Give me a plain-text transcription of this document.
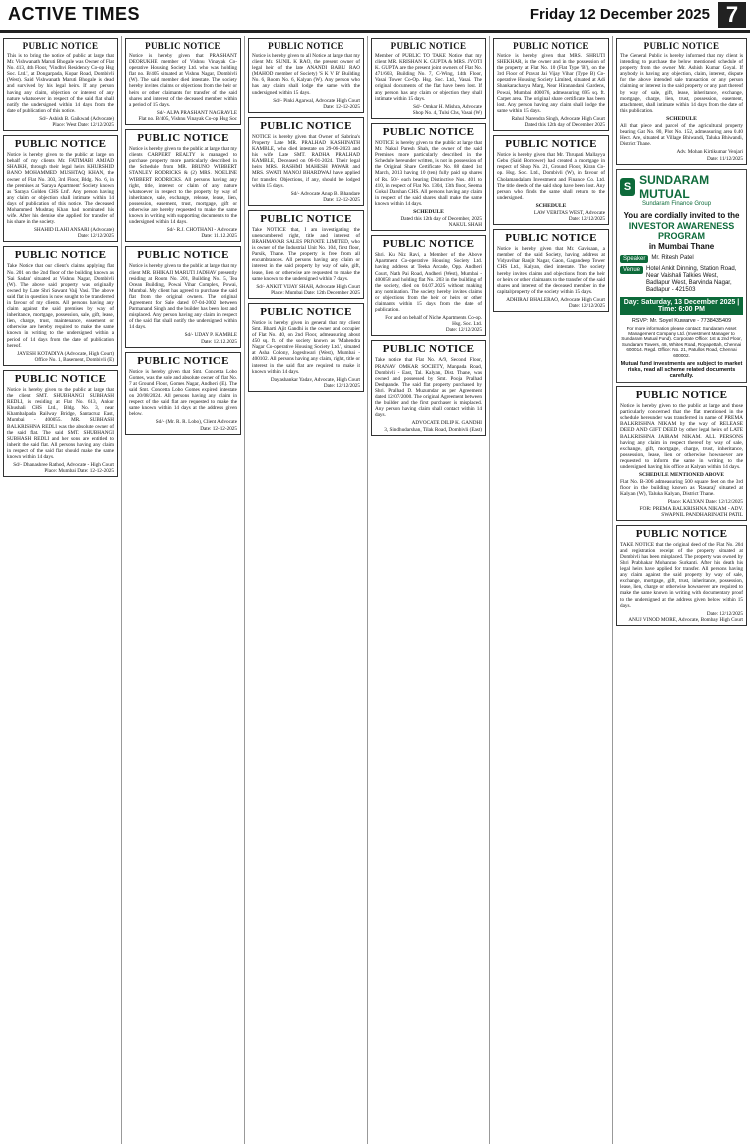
ACTIVE TIMES	Friday 12 December 2025 7
PUBLIC NOTICE

This is to bring the notice of public at large that Mr. Vishwanath Maruti Bhogale was Owner of Flat No. 413, 4th Floor, 'Vindhvi Residency Co-op Hsg Soc. Ltd.', at Dongarpada, Kopar Road, Dombivli (West). Said Vishwanath Maruti Bhogale is dead and survived by his legal heirs. If any person having any claim, objection or interest of any nature whatsoever in respect of the said flat shall notify the undersigned within 14 days from the date of publication of this notice.

Sd/- Ashish B. Gaikwad (Advocate)

Place: West Date: 12/12/2025

PUBLIC NOTICE

Notice is hereby given to the public at large on behalf of my clients Mr. FATIMABI AMJAD SHAIKH, through their legal heirs KHURSHID BANO MOHAMMED MUSHTAQ KHAN, the owner of Flat No. 303, 3rd Floor, Bldg. No. 6, in the premises at 'Saraya Apartment' Society known as 'Saraya Golden CHS Ltd'. Any person having any claim or objection shall intimate within 14 days of publication of this notice. The deceased Mohammed Mushtaq Khan had nominated his wife. After his demise she applied for transfer of his share in the society.

SHAHID ILAHI ANSARI (Advocate)

Date: 12/12/2025

PUBLIC NOTICE

Take Notice that our client's claims applying flat No. 201 on the 2nd floor of the building known as 'Sai Sadan' situated at Vishnu Nagar, Dombivli (W). The above said property was originally owned by Late Shri Sawant Vaij Vasi. The above said flat in question is now sought to be transferred in favour of my clients. All persons having any claim against the said premises by way of inheritance, mortgage, possession, sale, gift, lease, lien, charge, trust, maintenance, easement or otherwise are hereby required to make the same known in writing to the undersigned within a period of 14 days from the date of publication hereof.

JAYESH KOTADIYA (Advocate, High Court)

Office No. 1, Basement, Dombivli (E)

PUBLIC NOTICE

Notice is hereby given to the public at large that the client SMT. SHUBHANGI SUBHASH REDLI, is residing at Flat No. 613, Ankur Khushali CHS Ltd., Bldg. No. 3, near Khambalpada Railway Bridge, Santacruz East, Mumbai - 400055. MR. SUBHASH BALKRISHNA REDLI was the absolute owner of the said flat. The said SMT. SHUBHANGI SUBHASH REDLI and her sons are entitled to inherit the said flat. All persons having any claim in respect of the said flat should make the same known within 14 days.

Sd/- Dhanashree Rathod, Advocate - High Court

Place: Mumbai Date: 12-12-2025

PUBLIC NOTICE

Notice is hereby given that PRASHANT DEORUKHE member of Vishnu Vinayak Co-operative Housing Society Ltd. who was holding flat no. B/405 situated at Vishnu Nagar, Dombivli (W). The said member died intestate. The society hereby invites claims or objections from the heir or heirs or other claimants for transfer of the said shares and interest of the deceased member within a period of 15 days.

Sd/- ALPA PRASHANT NAGRAVLE

Flat no. B/405, Vishnu Vinayak Co-op Hsg Soc

PUBLIC NOTICE

Notice is hereby given to the public at large that my clients CARPERT REALTY is managed to purchase property more particularly described in the Schedule from MR. BRUNO WIBBERT STANLEY RODRICKS & (2) MRS. NOELINE WIBBERT RODRICKS. All persons having any right, title, interest or claim of any nature whatsoever in respect to the property by way of inheritance, sale, exchange, release, lease, lien, possession, easement, trust, mortgage, gift or otherwise are hereby requested to make the same known in writing with supporting documents to the undersigned within 14 days.

Sd/- R.J. CHOTHANI - Advocate

Date: 11.12.2025

PUBLIC NOTICE

Notice is hereby given to the public at large that my client MR. BHIKAJI MARUTI JADHAV presently residing at Room No. 201, Building No. 5, Tea Ocean Building, Powai Vihar Complex, Powai, Mumbai. My client has agreed to purchase the said flat from the original owners. The original Agreement for Sale dated 07-04-2002 between Parmanand Singh and the builder has been lost and misplaced. Any person having any claim in respect of the said flat shall notify the undersigned within 14 days.

Sd/- UDAY P. KAMBLE

Date: 12.12.2025

PUBLIC NOTICE

Notice is hereby given that Smt. Concetta Lobo Gomes, was the sole and absolute owner of flat No. 7 at Ground Floor, Gomes Nagar, Andheri (E). The said Smt. Concetta Lobo Gomes expired intestate on 20/08/2024. All persons having any claim in respect of the said flat are requested to make the same known within 14 days at the address given below.

Sd/- (Mr. R. R. Lobo), Client Advocate

Date: 12-12-2025

PUBLIC NOTICE

Notice is hereby given to all Notice at large that my client Mr. SUNIL K RAO, the present owner of legal heir of the late ANANDI BABU RAO (MAHOD member of Society) 'S K V B' Building No. 6, Room No. 6, Kalyan (W). Any person who has any claim shall lodge the same with the undersigned within 15 days.

Sd/- Pinki Agarwal, Advocate High Court

Date: 12-12-2025

PUBLIC NOTICE

NOTICE is hereby given that Owner of Sabrina's Property Late MR. PRALHAD KASHINATH KAMBLE, who died intestate on 29-06-2023 and his wife Late SMT. RADHA PRALHAD KAMBLE, Deceased on 06-01-2024. Their legal heirs MRS. RASHMI MAHESH PAWAR and MRS. SWATI MANOJ BHARDWAJ have applied for transfer. Objections, if any, should be lodged within 15 days.

Sd/- Advocate Anup B. Bhandare

Date: 12-12-2025

PUBLIC NOTICE

Take NOTICE that, I am investigating the unencumbered right, title and interest of BRAHMAVAR SALES PRIVATE LIMITED, who is owner of the Industrial Unit No. 104, first floor, Parsik, Thane. The property is free from all encumbrances. All persons having any claim or interest in the said property by way of sale, gift, lease, lien or otherwise are requested to make the same known to the undersigned within 7 days.

Sd/- ANKIT VIJAY SHAH, Advocate High Court

Place: Mumbai Date: 12th December 2025

PUBLIC NOTICE

Notice is hereby given in general that my client Smt. Bharti Ajit Gandhi is the owner and occupier of Flat No. 40, on 2nd Floor, admeasuring about 450 sq. ft. of the society known as 'Mahendra Nagar Co-operative Housing Society Ltd.', situated at Asha Colony, Jogeshwari (West), Mumbai - 400102. All persons having any claim, right, title or interest in the said flat are required to make it known within 14 days.

Dayashankar Yadav, Advocate, High Court

Date: 12/12/2025

PUBLIC NOTICE

Member of PUBLIC TO TAKE Notice that my client MR. KRISHAN K. GUPTA & MRS. JYOTI K. GUPTA are the present joint owners of Flat No. 471/603, Building No. 7, C-Wing, 14th Floor, Vasai Tower Co-Op. Hsg. Soc. Ltd., Vasai. The original documents of the flat have been lost. If any person has any claim or objection they shall intimate within 15 days.

Sd/- Omkar H. Mishra, Advocate

Shop No. 4, Tulsi Chs, Vasai (W)

PUBLIC NOTICE

NOTICE is hereby given to the public at large that Mr. Nakul Paresh Shah, the owner of the said Premises more particularly described in the Schedule hereunder written, is not in possession of the Original Share Certificate No. 88 dated 1st March, 2013 having 10 (ten) fully paid up shares of Rs. 50/- each bearing Distinctive Nos. 401 to 410, in respect of Flat No. 1304, 13th floor, Seema Gokul Darshan CHS. All persons having any claim in respect of the said shares shall make the same known within 14 days.

SCHEDULE

Dated this 12th day of December, 2025

NAKUL SHAH

PUBLIC NOTICE

Shri. Ku Niz Ravi, a Member of the Above Apartment Co-operative Housing Society Ltd. having address at Teeka Arcade, Opp. Andheri Court, Nath Pai Road, Andheri (West), Mumbai - 400058 and holding flat No. 203 in the building of the society, died on 04.07.2025 without making any nomination. The society hereby invites claims or objections from the heir or heirs or other claimants within 15 days from the date of publication.

For and on behalf of Niche Apartments Co-op. Hsg. Soc. Ltd.

Date: 12/12/2025

PUBLIC NOTICE

Take notice that Flat No. A/9, Second Floor, PRANAV OMKAR SOCIETY, Manpada Road, Dombivli - East, Tal. Kalyan, Dist. Thane, was owned and possessed by Smt. Pooja Pralhad Deshpande. The said flat property purchased by Shri. Pralhad D. Muzumdar as per Agreement dated 12/07/2000. The original Agreement between the builder and the first purchaser is misplaced. Any person having claim shall contact within 14 days.

ADVOCATE DILIP K. GANDHI

3, Sindhudarshan, Tilak Road, Dombivli (East)

PUBLIC NOTICE

Notice is hereby given that MRS. SHRUTI SHEKHAR, is the owner and in the possession of the property at Flat No. 10 (Flat Type 'B'), on the 3rd Floor of Pravat Jai Vijay Vihar (Type B) Co-operative Housing Society Limited, situated at Adi Shankaracharya Marg, Near Hiranandani Gardens, Powai, Mumbai 400076, admeasuring 695 sq. ft. Carpet area. The original share certificate has been lost. Any person having any claim shall lodge the same within 15 days.

Rahul Narendra Singh, Advocate High Court

Dated this 12th day of December 2025

PUBLIC NOTICE

Notice is hereby given that Mr. Thrupati Mallayya Gebu (Said Borrower) had created a mortgage in respect of Shop No. 21, Ground Floor, Kiran Co-op. Hsg. Soc. Ltd., Dombivli (W), in favour of Cholamandalam Investment and Finance Co. Ltd. The title deeds of the said shop have been lost. Any person who finds the same shall return to the undersigned.

SCHEDULE

LAW VERITAS WEST, Advocate

Date: 12/12/2025

PUBLIC NOTICE

Notice is hereby given that Mr. Gavisaan, a member of the said Society, having address at Vidyavihar Ranjit Nagar, Gaon, Gagandeep Tower CHS Ltd., Kalyan, died intestate. The society hereby invites claims and objections from the heir or heirs or other claimants to the transfer of the said shares and interest of the deceased member in the capital/property of the society within 15 days.

ADHIRAJ BHALERAO, Advocate High Court

Date: 12/12/2025

PUBLIC NOTICE

The General Public is hereby informed that my client is intending to purchase the below mentioned schedule of property from the owner Mr. Ashish Kumar Goyal. If anybody is having any objection, claim, interest, dispute for the above intended sale transaction or any person claiming or interest in the said property or any part thereof by way of sale, gift, lease, inheritance, exchange, mortgage, charge, lien, trust, possession, easement, attachment, shall intimate within 14 days from the date of this publication.

SCHEDULE

All that piece and parcel of the agricultural property bearing Gat No. 80, Plot No. 152, admeasuring area 0.40 Hect. Are, situated at Village Bhiwandi, Taluka Bhiwandi, District Thane.

Adv. Mohan Kirtikumar Venjari

Date: 11/12/2025

S SUNDARAM MUTUAL
Sundaram Finance Group
You are cordially invited to the
INVESTOR AWARENESS PROGRAM
in Mumbai Thane
Speaker	Mr. Ritesh Patel
Venue	Hotel Ankit Dinning, Station Road, Near Vaishali Talkies West, Badlapur West, Barvinda Nagar, Badlapur - 421503
Day: Saturday, 13 December 2025 | Time: 6:00 PM
RSVP: Mr. Soyel Kuwarve - 7738435409
For more information please contact: Sundaram Asset Management Company Ltd. (Investment Manager to Sundaram Mutual Fund). Corporate Office: 1st & 2nd Floor, Sundaram Towers, 46, Whites Road, Royapettah, Chennai 600014. Regd. Office: No. 21, Patullos Road, Chennai 600002.
Mutual fund investments are subject to market risks, read all scheme related documents carefully.
PUBLIC NOTICE

Notice is hereby given to the public at large and those particularly concerned that the flat mentioned in the schedule hereunder was transferred in name of PREMA BALKRISHNA NIKAM by the way of RELEASE DEED AND GIFT DEED by other legal heirs of LATE BALKRISHNA JAIRAM NIKAM. ALL PERSONS having any claim in respect thereof by way of sale, exchange, gift, mortgage, charge, trust, inheritance, possession, lease, lien or otherwise howsoever are requested to inform the same in writing to the undersigned having his office at Kalyan within 14 days.

SCHEDULE MENTIONED ABOVE

Flat No. B-306 admeasuring 500 square feet on the 3rd floor in the building known as 'Rasaraj' situated at Kalyan (W), Taluka Kalyan, District Thane.

Place: KALYAN Date: 12/12/2025

FOR: PREMA BALKRISHNA NIKAM - ADV. SWAPNIL PANDHARINATH PATIL

PUBLIC NOTICE

TAKE NOTICE that the original deed of the Flat No. 204 and registration receipt of the property situated at Dombivli has been misplaced. The property was owned by Shri Prabhakar Mohanrao Surkanti. After his death his legal heirs have applied for transfer. All persons having any claim against the said property by way of sale, exchange, mortgage, gift, trust, inheritance, possession, lease, lien, charge or otherwise howsoever are required to make the same known in writing with documentary proof to the undersigned at the address given below within 15 days.

Date: 12/12/2025

ANUJ VINOD MORE, Advocate, Bombay High Court
